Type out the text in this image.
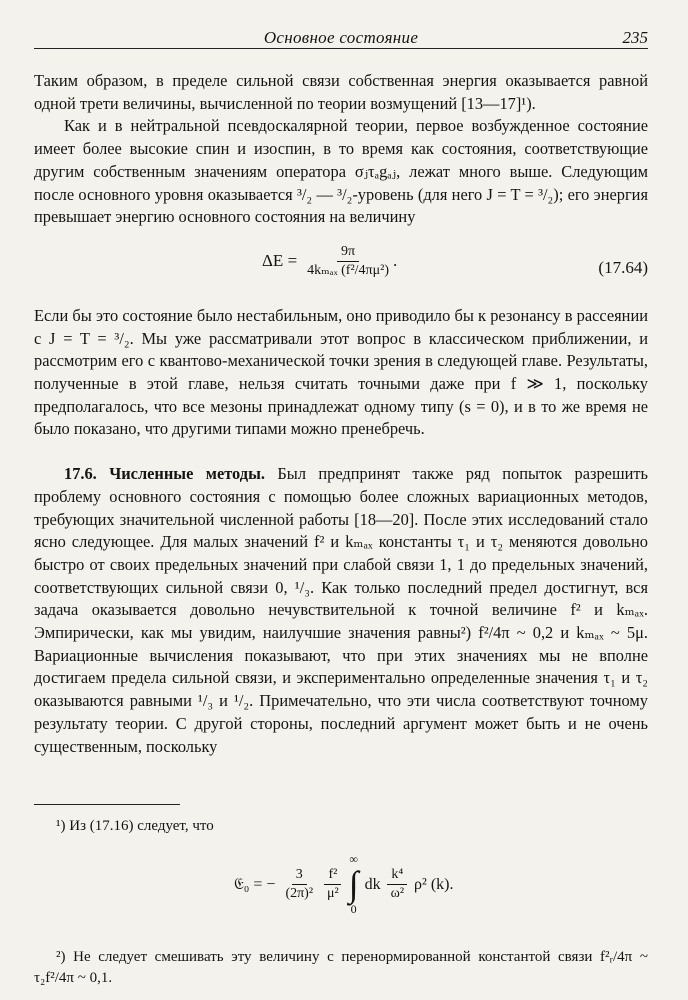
Основное состояние	235

Таким образом, в пределе сильной связи собственная энергия оказывается равной одной трети величины, вычисленной по теории возмущений [13—17]¹).

Как и в нейтральной псевдоскалярной теории, первое возбужденное состояние имеет более высокие спин и изоспин, в то время как состояния, соответствующие другим собственным значениям оператора σⱼτₐgₐⱼ, лежат много выше. Следующим после основного уровня оказывается ³/₂ — ³/₂-уровень (для него J = T = ³/₂); его энергия превышает энергию основного состояния на величину

$\Delta E = \frac{9\pi}{\text{4kₘₐₓ (f²/4πμ²)}}$ .	(17.64)

Если бы это состояние было нестабильным, оно приводило бы к резонансу в рассеянии с J = T = ³/₂. Мы уже рассматривали этот вопрос в классическом приближении, и рассмотрим его с квантово-механической точки зрения в следующей главе. Результаты, полученные в этой главе, нельзя считать точными даже при f ≫ 1, поскольку предполагалось, что все мезоны принадлежат одному типу (s = 0), и в то же время не было показано, что другими типами можно пренебречь.

17.6. Численные методы. Был предпринят также ряд попыток разрешить проблему основного состояния с помощью более сложных вариационных методов, требующих значительной численной работы [18—20]. После этих исследований стало ясно следующее. Для малых значений f² и kₘₐₓ константы τ₁ и τ₂ меняются довольно быстро от своих предельных значений при слабой связи 1, 1 до предельных значений, соответствующих сильной связи 0, ¹/₃. Как только последний предел достигнут, вся задача оказывается довольно нечувствительной к точной величине f² и kₘₐₓ. Эмпирически, как мы увидим, наилучшие значения равны²) f²/4π ~ 0,2 и kₘₐₓ ~ 5μ. Вариационные вычисления показывают, что при этих значениях мы не вполне достигаем предела сильной связи, и экспериментально определенные значения τ₁ и τ₂ оказываются равными ¹/₃ и ¹/₂. Примечательно, что эти числа соответствуют точному результату теории. С другой стороны, последний аргумент может быть и не очень существенным, поскольку

¹) Из (17.16) следует, что

𝔈₀ = − $\frac{3}{\text{(2π)²}} \frac{\text{f²}}{\text{μ²}}$
∞
∫
0
dk $\frac{\text{k⁴}}{\text{ω²}} \rho^2$ (k).

²) Не следует смешивать эту величину с перенормированной константой связи f²ᵣ/4π ~ τ₂f²/4π ~ 0,1.
